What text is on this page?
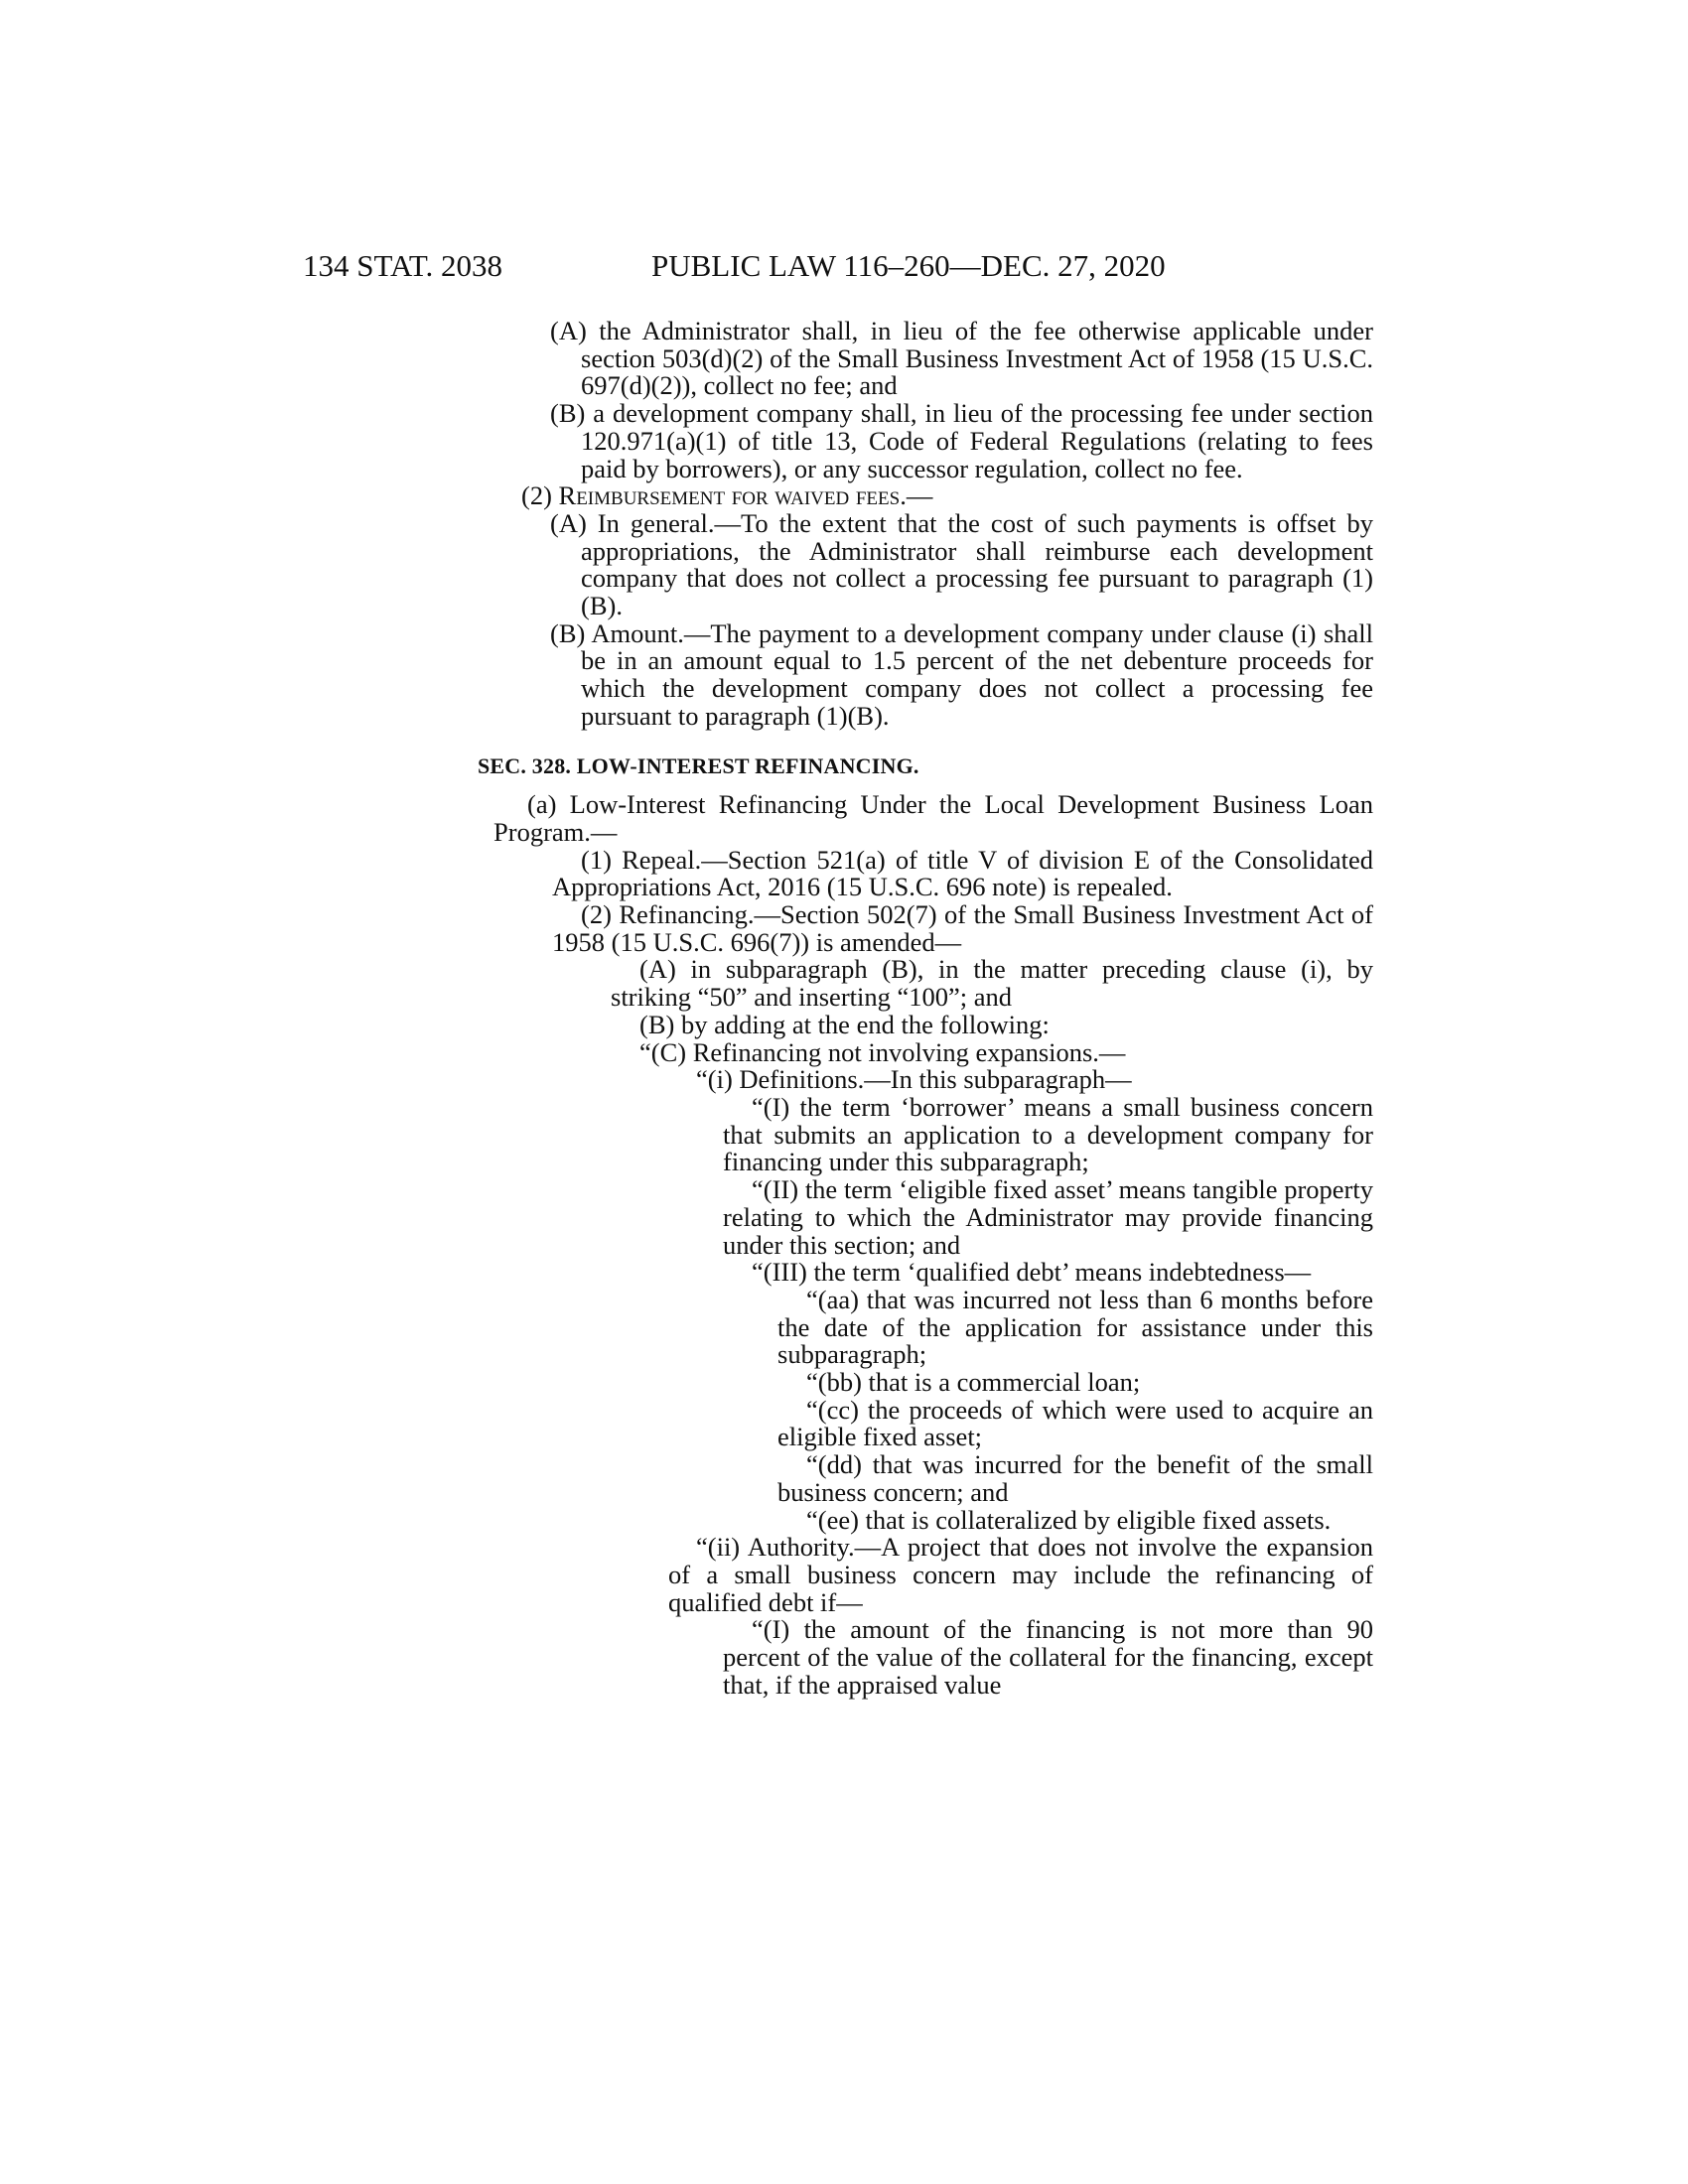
134 STAT. 2038	PUBLIC LAW 116–260—DEC. 27, 2020

(A) the Administrator shall, in lieu of the fee otherwise applicable under section 503(d)(2) of the Small Business Investment Act of 1958 (15 U.S.C. 697(d)(2)), collect no fee; and

(B) a development company shall, in lieu of the processing fee under section 120.971(a)(1) of title 13, Code of Federal Regulations (relating to fees paid by borrowers), or any successor regulation, collect no fee.

(2) Reimbursement for waived fees.—

(A) In general.—To the extent that the cost of such payments is offset by appropriations, the Administrator shall reimburse each development company that does not collect a processing fee pursuant to paragraph (1)(B).

(B) Amount.—The payment to a development company under clause (i) shall be in an amount equal to 1.5 percent of the net debenture proceeds for which the development company does not collect a processing fee pursuant to paragraph (1)(B).

SEC. 328. LOW-INTEREST REFINANCING.

(a) Low-Interest Refinancing Under the Local Development Business Loan Program.—

(1) Repeal.—Section 521(a) of title V of division E of the Consolidated Appropriations Act, 2016 (15 U.S.C. 696 note) is repealed.

(2) Refinancing.—Section 502(7) of the Small Business Investment Act of 1958 (15 U.S.C. 696(7)) is amended—

(A) in subparagraph (B), in the matter preceding clause (i), by striking “50” and inserting “100”; and

(B) by adding at the end the following:

“(C) Refinancing not involving expansions.—

“(i) Definitions.—In this subparagraph—

“(I) the term ‘borrower’ means a small business concern that submits an application to a development company for financing under this subparagraph;

“(II) the term ‘eligible fixed asset’ means tangible property relating to which the Administrator may provide financing under this section; and

“(III) the term ‘qualified debt’ means indebtedness—

“(aa) that was incurred not less than 6 months before the date of the application for assistance under this subparagraph;

“(bb) that is a commercial loan;

“(cc) the proceeds of which were used to acquire an eligible fixed asset;

“(dd) that was incurred for the benefit of the small business concern; and

“(ee) that is collateralized by eligible fixed assets.

“(ii) Authority.—A project that does not involve the expansion of a small business concern may include the refinancing of qualified debt if—

“(I) the amount of the financing is not more than 90 percent of the value of the collateral for the financing, except that, if the appraised value
